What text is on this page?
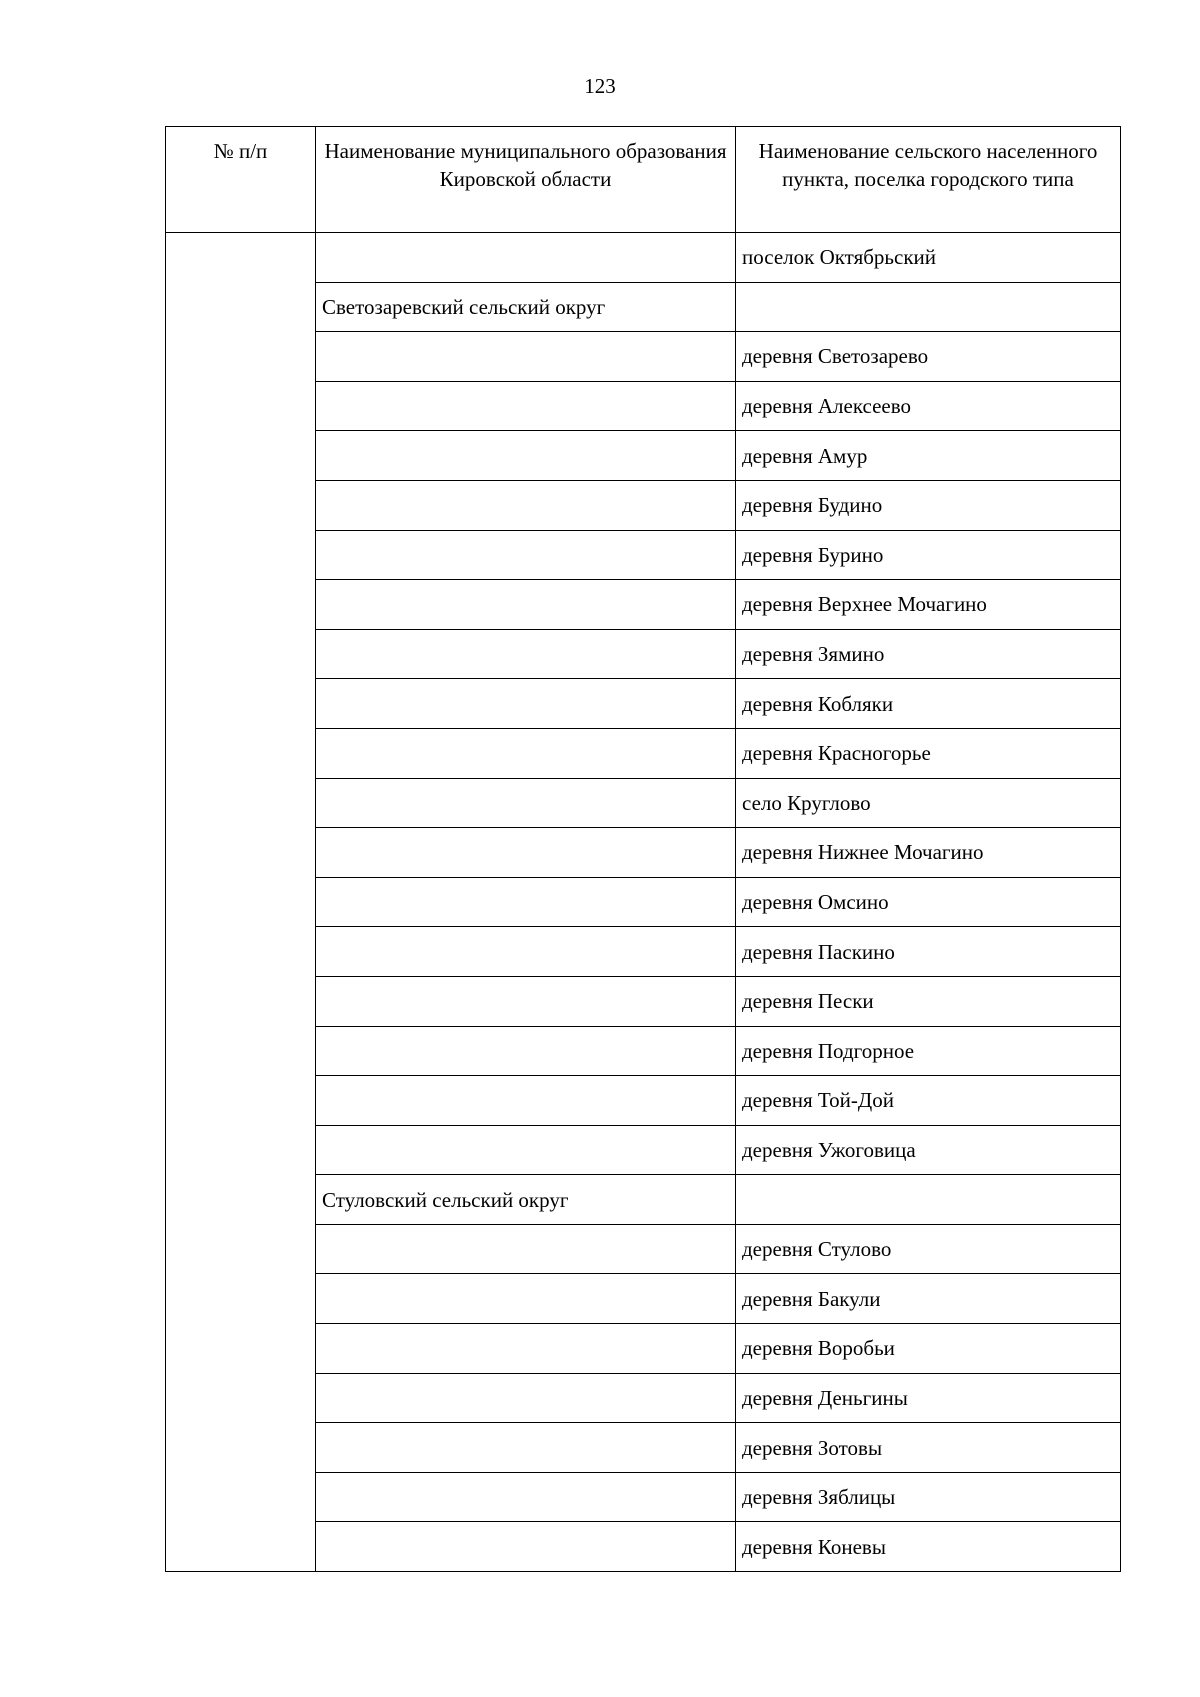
123
№ п/п	Наименование муниципального образования Кировской области	Наименование сельского населенного пункта, поселка городского типа
		поселок Октябрьский
	Светозаревский сельский округ	
		деревня Светозарево
		деревня Алексеево
		деревня Амур
		деревня Будино
		деревня Бурино
		деревня Верхнее Мочагино
		деревня Зямино
		деревня Кобляки
		деревня Красногорье
		село Круглово
		деревня Нижнее Мочагино
		деревня Омсино
		деревня Паскино
		деревня Пески
		деревня Подгорное
		деревня Той-Дой
		деревня Ужоговица
	Стуловский сельский округ	
		деревня Стулово
		деревня Бакули
		деревня Воробьи
		деревня Деньгины
		деревня Зотовы
		деревня Зяблицы
		деревня Коневы
